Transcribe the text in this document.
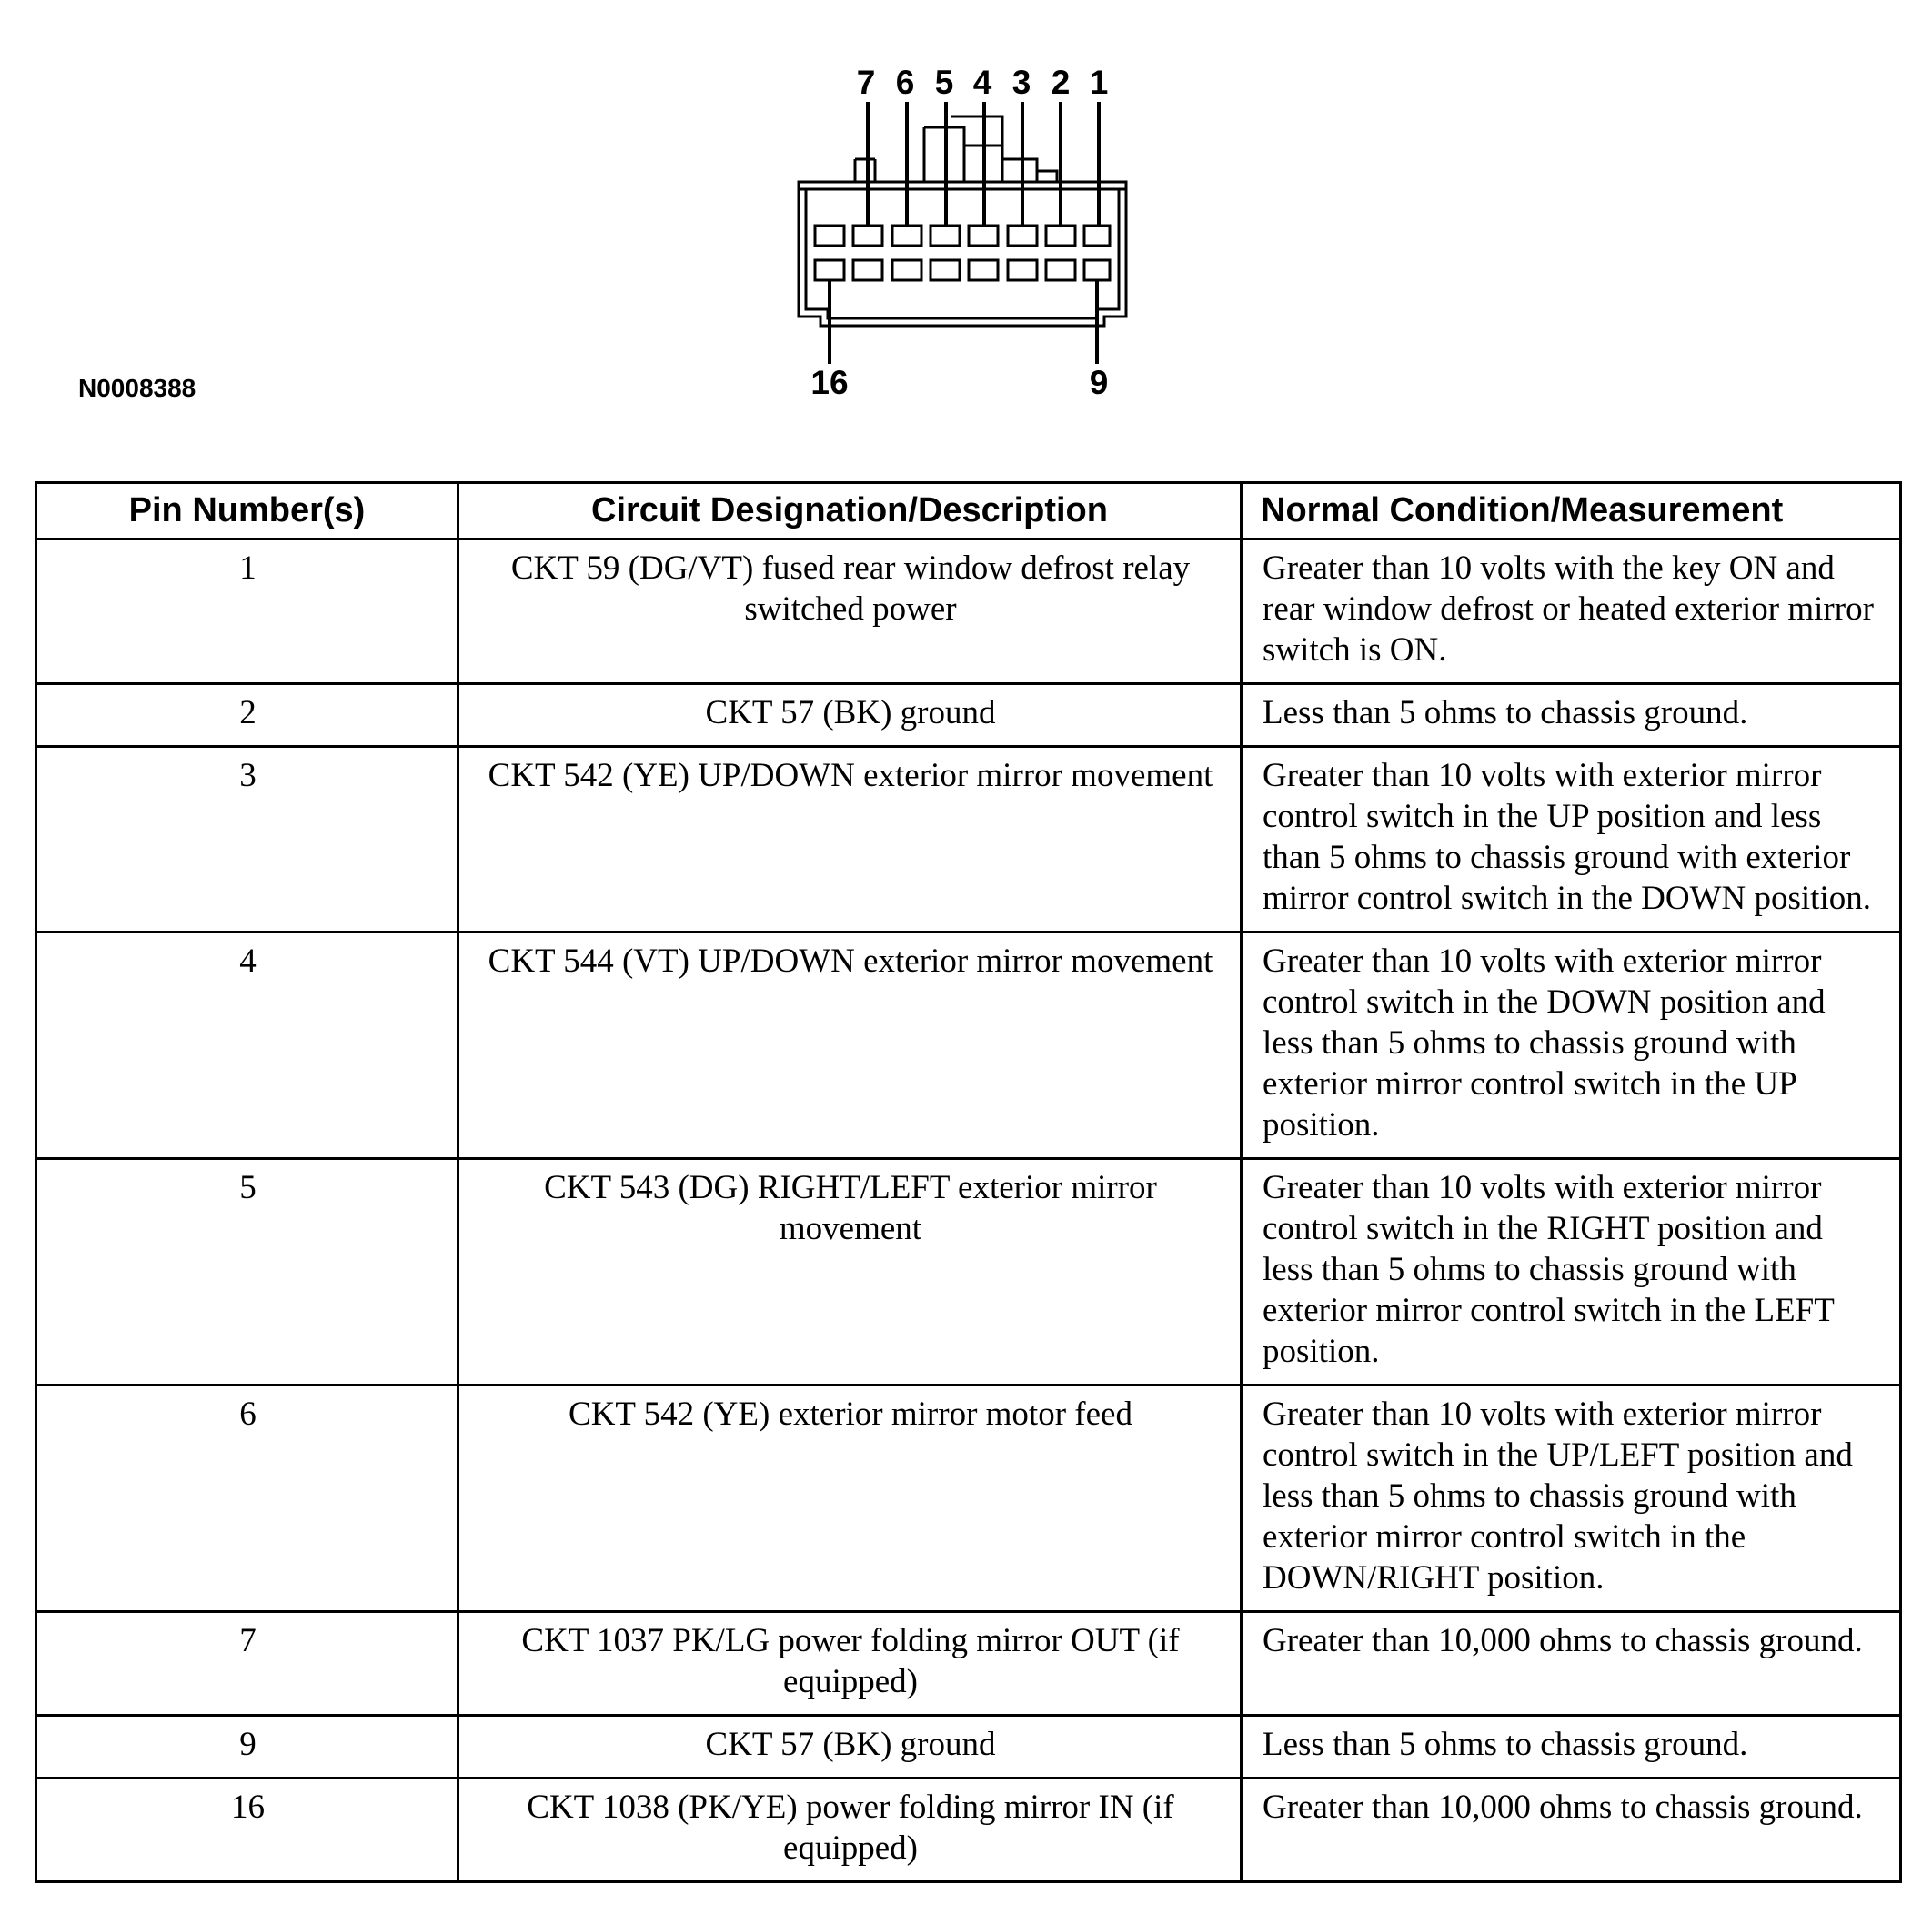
7 6 5 4 3 2 1
16	9
N0008388
Pin Number(s)	Circuit Designation/Description	Normal Condition/Measurement
1	CKT 59 (DG/VT) fused rear window defrost relay switched power	Greater than 10 volts with the key ON and rear window defrost or heated exterior mirror switch is ON.
2	CKT 57 (BK) ground	Less than 5 ohms to chassis ground.
3	CKT 542 (YE) UP/DOWN exterior mirror movement	Greater than 10 volts with exterior mirror control switch in the UP position and less than 5 ohms to chassis ground with exterior mirror control switch in the DOWN position.
4	CKT 544 (VT) UP/DOWN exterior mirror movement	Greater than 10 volts with exterior mirror control switch in the DOWN position and less than 5 ohms to chassis ground with exterior mirror control switch in the UP position.
5	CKT 543 (DG) RIGHT/LEFT exterior mirror movement	Greater than 10 volts with exterior mirror control switch in the RIGHT position and less than 5 ohms to chassis ground with exterior mirror control switch in the LEFT position.
6	CKT 542 (YE) exterior mirror motor feed	Greater than 10 volts with exterior mirror control switch in the UP/LEFT position and less than 5 ohms to chassis ground with exterior mirror control switch in the DOWN/RIGHT position.
7	CKT 1037 PK/LG power folding mirror OUT (if equipped)	Greater than 10,000 ohms to chassis ground.
9	CKT 57 (BK) ground	Less than 5 ohms to chassis ground.
16	CKT 1038 (PK/YE) power folding mirror IN (if equipped)	Greater than 10,000 ohms to chassis ground.
